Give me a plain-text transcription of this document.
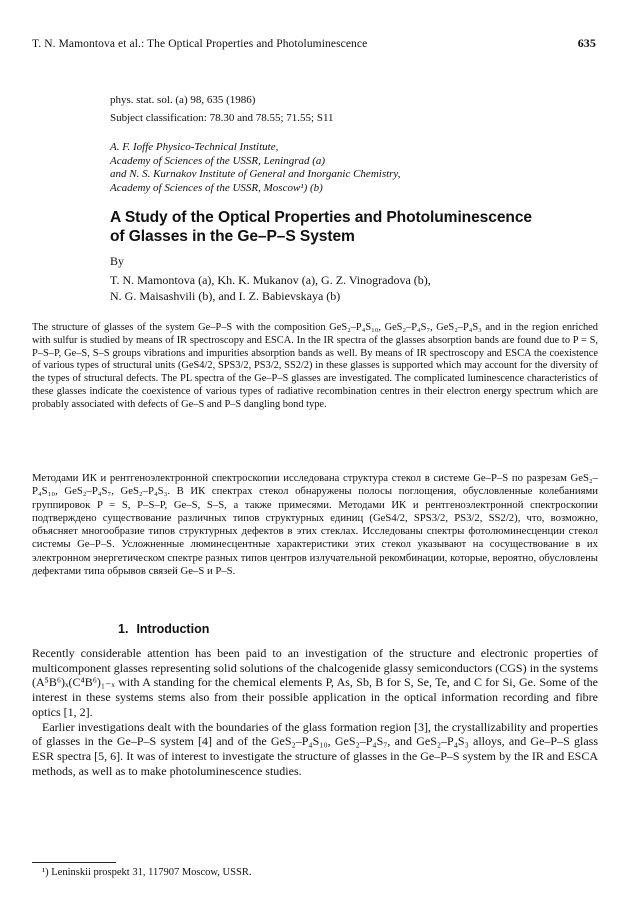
T. N. Mamontova et al.: The Optical Properties and Photoluminescence	635
phys. stat. sol. (a) 98, 635 (1986)
Subject classification: 78.30 and 78.55; 71.55; S11
A. F. Ioffe Physico-Technical Institute,
Academy of Sciences of the USSR, Leningrad (a)
and N. S. Kurnakov Institute of General and Inorganic Chemistry,
Academy of Sciences of the USSR, Moscow¹) (b)
A Study of the Optical Properties and Photoluminescence
of Glasses in the Ge–P–S System
By
T. N. Mamontova (a), Kh. K. Mukanov (a), G. Z. Vinogradova (b),
N. G. Maisashvili (b), and I. Z. Babievskaya (b)
The structure of glasses of the system Ge–P–S with the composition GeS₂–P₄S₁₀, GeS₂–P₄S₇, GeS₂–P₄S₃ and in the region enriched with sulfur is studied by means of IR spectroscopy and ESCA. In the IR spectra of the glasses absorption bands are found due to P = S, P–S–P, Ge–S, S–S groups vibrations and impurities absorption bands as well. By means of IR spectroscopy and ESCA the coexistence of various types of structural units (GeS4/2, SPS3/2, PS3/2, SS2/2) in these glasses is supported which may account for the diversity of the types of structural defects. The PL spectra of the Ge–P–S glasses are investigated. The complicated luminescence characteristics of these glasses indicate the coexistence of various types of radiative recombination centres in their electron energy spectrum which are probably associated with defects of Ge–S and P–S dangling bond type.
Методами ИК и рентгеноэлектронной спектроскопии исследована структура стекол в системе Ge–P–S по разрезам GeS₂–P₄S₁₀, GeS₂–P₄S₇, GeS₂–P₄S₃. В ИК спектрах стекол обнаружены полосы поглощения, обусловленные колебаниями группировок P = S, P–S–P, Ge–S, S–S, а также примесями. Методами ИК и рентгеноэлектронной спектроскопии подтверждено существование различных типов структурных единиц (GeS4/2, SPS3/2, PS3/2, SS2/2), что, возможно, объясняет многообразие типов структурных дефектов в этих стеклах. Исследованы спектры фотолюминесценции стекол системы Ge–P–S. Усложненные люминесцентные характеристики этих стекол указывают на сосуществование в их электронном энергетическом спектре разных типов центров излучательной рекомбинации, которые, вероятно, обусловлены дефектами типа обрывов связей Ge–S и P–S.
1. Introduction

Recently considerable attention has been paid to an investigation of the structure and electronic properties of multicomponent glasses representing solid solutions of the chalcogenide glassy semiconductors (CGS) in the systems (A⁵B⁶)ₓ(C⁴B⁶)₁₋ₓ with A standing for the chemical elements P, As, Sb, B for S, Se, Te, and C for Si, Ge. Some of the interest in these systems stems also from their possible application in the optical information recording and fibre optics [1, 2].

Earlier investigations dealt with the boundaries of the glass formation region [3], the crystallizability and properties of glasses in the Ge–P–S system [4] and of the GeS₂–P₄S₁₀, GeS₂–P₄S₇, and GeS₂–P₄S₃ alloys, and Ge–P–S glass ESR spectra [5, 6]. It was of interest to investigate the structure of glasses in the Ge–P–S system by the IR and ESCA methods, as well as to make photoluminescence studies.

¹) Leninskii prospekt 31, 117907 Moscow, USSR.
